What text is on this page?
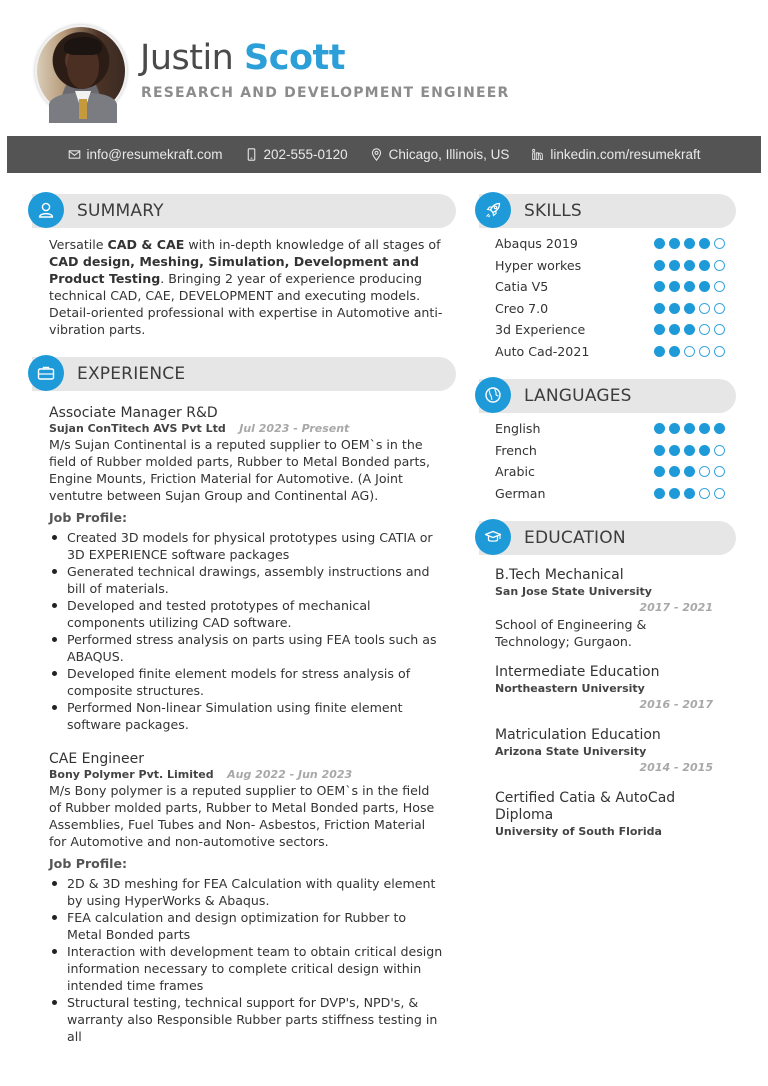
Justin Scott
RESEARCH AND DEVELOPMENT ENGINEER
info@resumekraft.com	202-555-0120	Chicago, Illinois, US	linkedin.com/resumekraft
SUMMARY

Versatile CAD & CAE with in-depth knowledge of all stages of CAD design, Meshing, Simulation, Development and Product Testing. Bringing 2 year of experience producing technical CAD, CAE, DEVELOPMENT and executing models. Detail-oriented professional with expertise in Automotive anti-vibration parts.

EXPERIENCE
Associate Manager R&D
Sujan ConTitech AVS Pvt Ltd Jul 2023 - Present

M/s Sujan Continental is a reputed supplier to OEM`s in the field of Rubber molded parts, Rubber to Metal Bonded parts, Engine Mounts, Friction Material for Automotive. (A Joint ventutre between Sujan Group and Continental AG).

Job Profile:
Created 3D models for physical prototypes using CATIA or 3D EXPERIENCE software packages
Generated technical drawings, assembly instructions and bill of materials.
Developed and tested prototypes of mechanical components utilizing CAD software.
Performed stress analysis on parts using FEA tools such as ABAQUS.
Developed finite element models for stress analysis of composite structures.
Performed Non-linear Simulation using finite element software packages.
CAE Engineer
Bony Polymer Pvt. Limited Aug 2022 - Jun 2023

M/s Bony polymer is a reputed supplier to OEM`s in the field of Rubber molded parts, Rubber to Metal Bonded parts, Hose Assemblies, Fuel Tubes and Non- Asbestos, Friction Material for Automotive and non-automotive sectors.

Job Profile:
2D & 3D meshing for FEA Calculation with quality element by using HyperWorks & Abaqus.
FEA calculation and design optimization for Rubber to Metal Bonded parts
Interaction with development team to obtain critical design information necessary to complete critical design within intended time frames
Structural testing, technical support for DVP's, NPD's, & warranty also Responsible Rubber parts stiffness testing in all
SKILLS
Abaqus 2019
Hyper workes
Catia V5
Creo 7.0
3d Experience
Auto Cad-2021
LANGUAGES
English
French
Arabic
German
EDUCATION
B.Tech Mechanical
San Jose State University
2017 - 2021
School of Engineering & Technology; Gurgaon.
Intermediate Education
Northeastern University
2016 - 2017
Matriculation Education
Arizona State University
2014 - 2015
Certified Catia & AutoCad Diploma
University of South Florida
